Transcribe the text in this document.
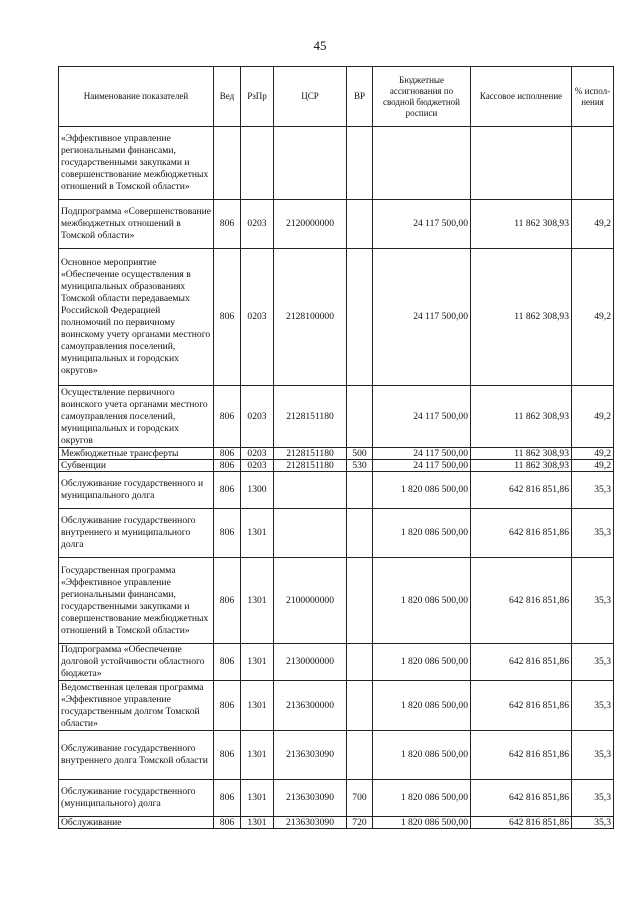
45
Наименование показателей	Вед	РзПр	ЦСР	ВР	Бюджетные ассигнования по сводной бюджетной росписи	Кассовое исполнение	% испол-нения
«Эффективное управление региональными финансами, государственными закупками и совершенствование межбюджетных отношений в Томской области»							
Подпрограмма «Совершенствование межбюджетных отношений в Томской области»	806	0203	2120000000		24 117 500,00	11 862 308,93	49,2
Основное мероприятие «Обеспечение осуществления в муниципальных образованиях Томской области передаваемых Российской Федерацией полномочий по первичному воинскому учету органами местного самоуправления поселений, муниципальных и городских округов»	806	0203	2128100000		24 117 500,00	11 862 308,93	49,2
Осуществление первичного воинского учета органами местного самоуправления поселений, муниципальных и городских округов	806	0203	2128151180		24 117 500,00	11 862 308,93	49,2
Межбюджетные трансферты	806	0203	2128151180	500	24 117 500,00	11 862 308,93	49,2
Субвенции	806	0203	2128151180	530	24 117 500,00	11 862 308,93	49,2
Обслуживание государственного и муниципального долга	806	1300			1 820 086 500,00	642 816 851,86	35,3
Обслуживание государственного внутреннего и муниципального долга	806	1301			1 820 086 500,00	642 816 851,86	35,3
Государственная программа «Эффективное управление региональными финансами, государственными закупками и совершенствование межбюджетных отношений в Томской области»	806	1301	2100000000		1 820 086 500,00	642 816 851,86	35,3
Подпрограмма «Обеспечение долговой устойчивости областного бюджета»	806	1301	2130000000		1 820 086 500,00	642 816 851,86	35,3
Ведомственная целевая программа «Эффективное управление государственным долгом Томской области»	806	1301	2136300000		1 820 086 500,00	642 816 851,86	35,3
Обслуживание государственного внутреннего долга Томской области	806	1301	2136303090		1 820 086 500,00	642 816 851,86	35,3
Обслуживание государственного (муниципального) долга	806	1301	2136303090	700	1 820 086 500,00	642 816 851,86	35,3
Обслуживание	806	1301	2136303090	720	1 820 086 500,00	642 816 851,86	35,3
